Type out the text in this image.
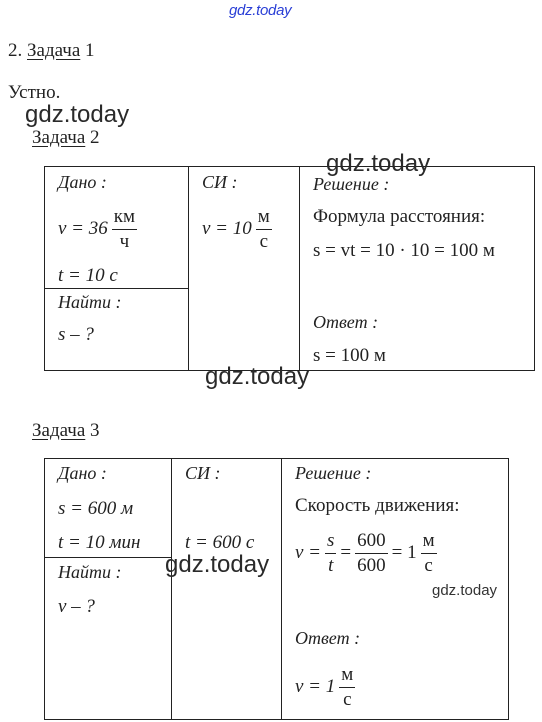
gdz.today
2. Задача 1
Устно.
gdz.today
Задача 2
Дано :
$v = 36 \frac{км}{ч}$
t = 10 с
Найти :
s – ?
СИ :
$v = 10 \frac{м}{с}$
gdz.today
Решение :
Формула расстояния:
s = vt = 10 · 10 = 100 м
Ответ :
s = 100 м
gdz.today
Задача 3
Дано :
s = 600 м
t = 10 мин
Найти :
v – ?
СИ :
t = 600 с
gdz.today
Решение :
Скорость движения:
$v = \frac{s}{t} = \frac{600}{600} = 1 \frac{м}{с}$
gdz.today
Ответ :
$v = 1 \frac{м}{с}$
